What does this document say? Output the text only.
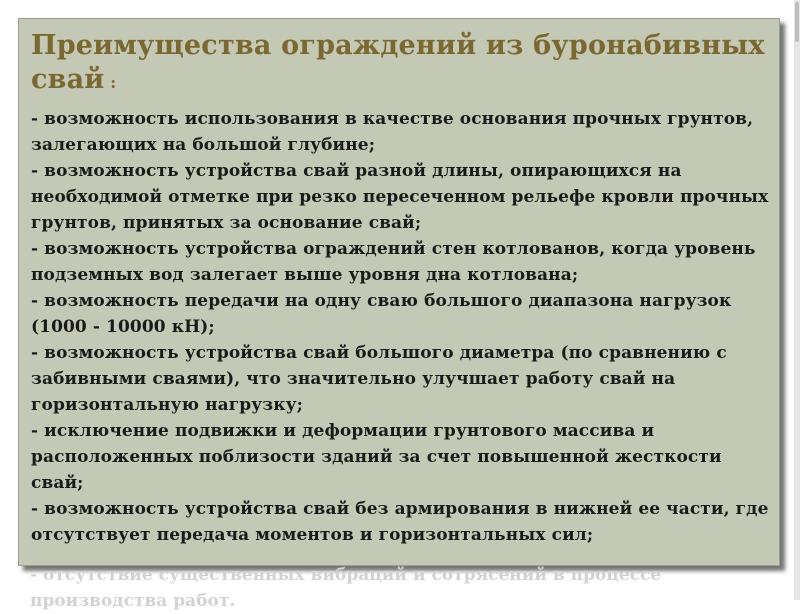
Преимущества ограждений из буронабивных свай :

- возможность использования в качестве основания прочных грунтов, залегающих на большой глубине;

- возможность устройства свай разной длины, опирающихся на необходимой отметке при резко пересеченном рельефе кровли прочных грунтов, принятых за основание свай;

- возможность устройства ограждений стен котлованов, когда уровень подземных вод залегает выше уровня дна котлована;

- возможность передачи на одну сваю большого диапазона нагрузок (1000 - 10000 кН);

- возможность устройства свай большого диаметра (по сравнению с забивными сваями), что значительно улучшает работу свай на горизонтальную нагрузку;

- исключение подвижки и деформации грунтового массива и расположенных поблизости зданий за счет повышенной жесткости свай;

- возможность устройства свай без армирования в нижней ее части, где отсутствует передача моментов и горизонтальных сил;

- отсутствие существенных вибраций и сотрясений в процессе производства работ.
